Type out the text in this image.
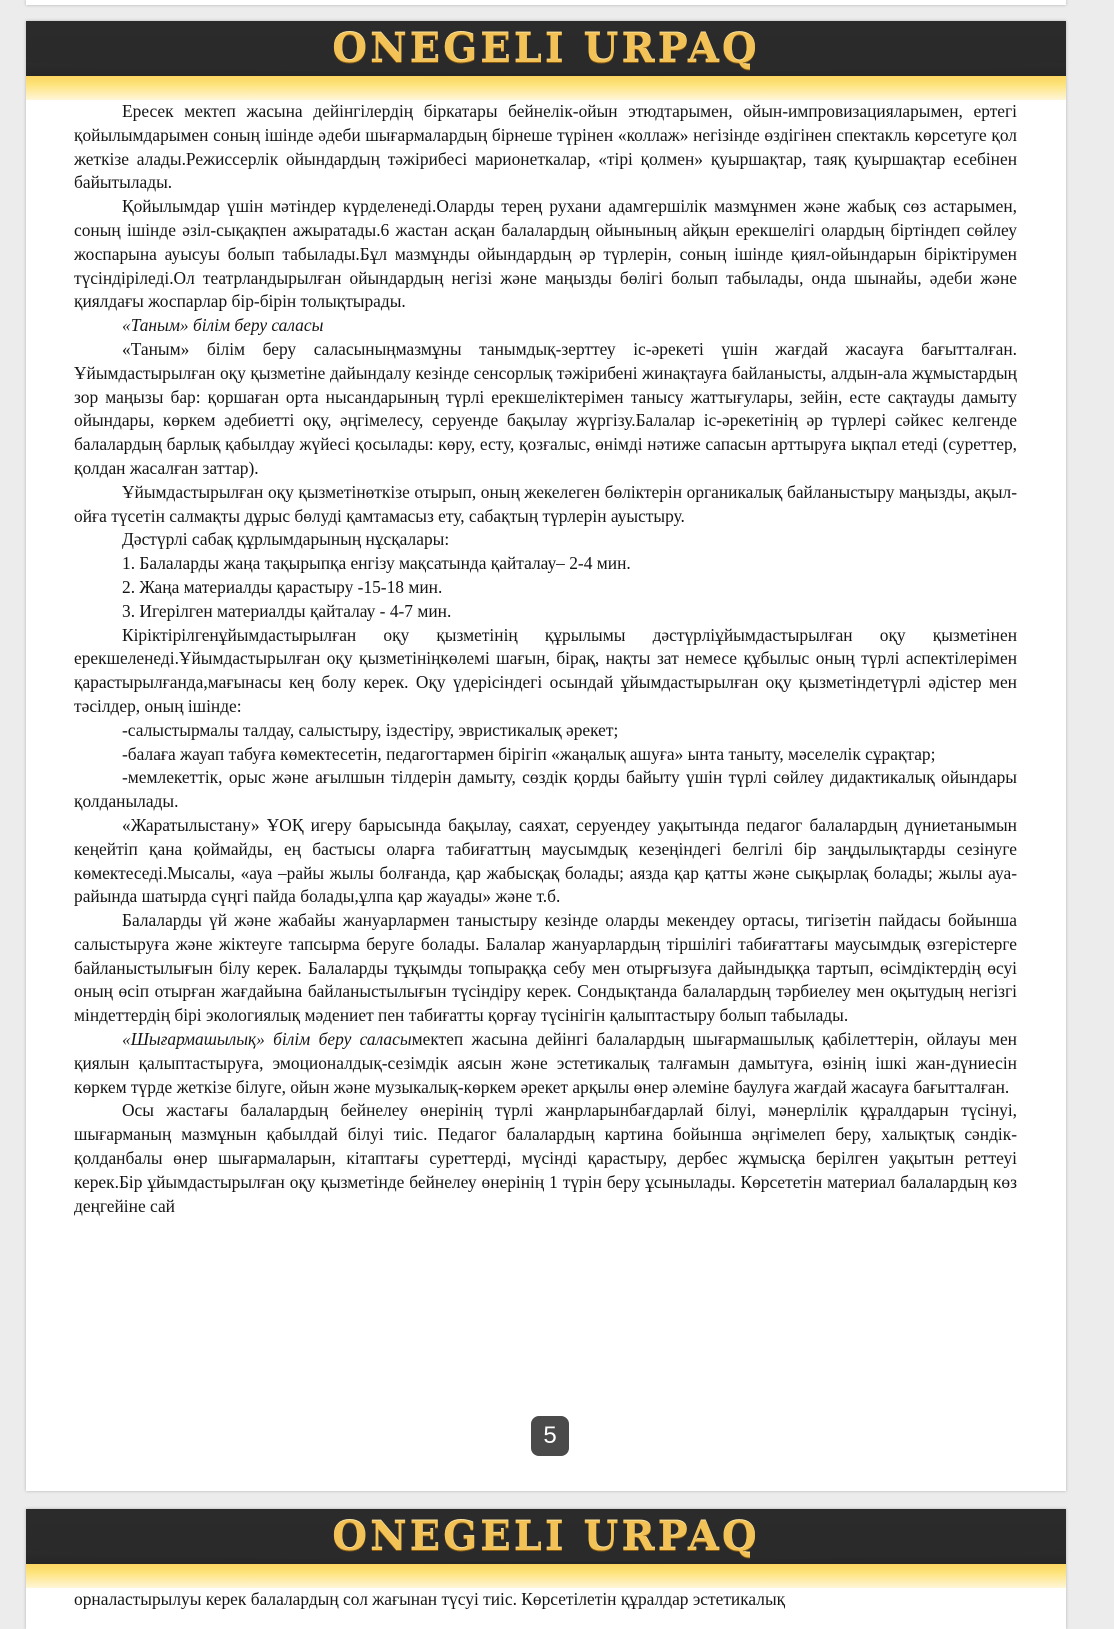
ONEGELI URPAQ

Ересек мектеп жасына дейінгілердің біркатары бейнелік-ойын этюдтарымен, ойын-импровизацияларымен, ертегі қойылымдарымен соның ішінде әдеби шығармалардың бірнеше түрінен «коллаж» негізінде өздігінен спектакль көрсетуге қол жеткізе алады.Режиссерлік ойындардың тәжірибесі марионеткалар, «тірі қолмен» қуыршақтар, таяқ қуыршақтар есебінен байытылады.

Қойылымдар үшін мәтіндер күрделенеді.Оларды терең рухани адамгершілік мазмұнмен және жабық сөз астарымен, соның ішінде әзіл-сықақпен ажыратады.6 жастан асқан балалардың ойынының айқын ерекшелігі олардың біртіндеп сөйлеу жоспарына ауысуы болып табылады.Бұл мазмұнды ойындардың әр түрлерін, соның ішінде қиял-ойындарын біріктірумен түсіндіріледі.Ол театрландырылған ойындардың негізі және маңызды бөлігі болып табылады, онда шынайы, әдеби және қиялдағы жоспарлар бір-бірін толықтырады.

«Таным» білім беру саласы

«Таным» білім беру саласыныңмазмұны танымдық-зерттеу іс-әрекеті үшін жағдай жасауға бағытталған. Ұйымдастырылған оқу қызметіне дайындалу кезінде сенсорлық тәжірибені жинақтауға байланысты, алдын-ала жұмыстардың зор маңызы бар: қоршаған орта нысандарының түрлі ерекшеліктерімен танысу жаттығулары, зейін, есте сақтауды дамыту ойындары, көркем әдебиетті оқу, әңгімелесу, серуенде бақылау жүргізу.Балалар іс-әрекетінің әр түрлері сәйкес келгенде балалардың барлық қабылдау жүйесі қосылады: көру, есту, қозғалыс, өнімді нәтиже сапасын арттыруға ықпал етеді (суреттер, қолдан жасалған заттар).

Ұйымдастырылған оқу қызметінөткізе отырып, оның жекелеген бөліктерін органикалық байланыстыру маңызды, ақыл-ойға түсетін салмақты дұрыс бөлуді қамтамасыз ету, сабақтың түрлерін ауыстыру.

Дәстүрлі сабақ құрлымдарының нұсқалары:

1. Балаларды жаңа тақырыпқа енгізу мақсатында қайталау– 2-4 мин.

2. Жаңа материалды қарастыру -15-18 мин.

3. Игерілген материалды қайталау - 4-7 мин.

Кіріктірілгенұйымдастырылған оқу қызметінің құрылымы дәстүрліұйымдастырылған оқу қызметінен ерекшеленеді.Ұйымдастырылған оқу қызметініңкөлемі шағын, бірақ, нақты зат немесе құбылыс оның түрлі аспектілерімен қарастырылғанда,мағынасы кең болу керек. Оқу үдерісіндегі осындай ұйымдастырылған оқу қызметіндетүрлі әдістер мен тәсілдер, оның ішінде:

-салыстырмалы талдау, салыстыру, іздестіру, эвристикалық әрекет;

-балаға жауап табуға көмектесетін, педагогтармен бірігіп «жаңалық ашуға» ынта таныту, мәселелік сұрақтар;

-мемлекеттік, орыс және ағылшын тілдерін дамыту, сөздік қорды байыту үшін түрлі сөйлеу дидактикалық ойындары қолданылады.

«Жаратылыстану» ҰОҚ игеру барысында бақылау, саяхат, серуендеу уақытында педагог балалардың дүниетанымын кеңейтіп қана қоймайды, ең бастысы оларға табиғаттың маусымдық кезеңіндегі белгілі бір заңдылықтарды сезінуге көмектеседі.Мысалы, «ауа –райы жылы болғанда, қар жабысқақ болады; аязда қар қатты және сықырлақ болады; жылы ауа-райында шатырда сүңгі пайда болады,ұлпа қар жауады» және т.б.

Балаларды үй және жабайы жануарлармен таныстыру кезінде оларды мекендеу ортасы, тигізетін пайдасы бойынша салыстыруға және жіктеуге тапсырма беруге болады. Балалар жануарлардың тіршілігі табиғаттағы маусымдық өзгерістерге байланыстылығын білу керек. Балаларды тұқымды топыраққа себу мен отырғызуға дайындыққа тартып, өсімдіктердің өсуі оның өсіп отырған жағдайына байланыстылығын түсіндіру керек. Сондықтанда балалардың тәрбиелеу мен оқытудың негізгі міндеттердің бірі экологиялық мәдениет пен табиғатты қорғау түсінігін қалыптастыру болып табылады.

«Шығармашылық» білім беру саласымектеп жасына дейінгі балалардың шығармашылық қабілеттерін, ойлауы мен қиялын қалыптастыруға, эмоционалдық-сезімдік аясын және эстетикалық талғамын дамытуға, өзінің ішкі жан-дүниесін көркем түрде жеткізе білуге, ойын және музыкалық-көркем әрекет арқылы өнер әлеміне баулуға жағдай жасауға бағытталған.

Осы жастағы балалардың бейнелеу өнерінің түрлі жанрларынбағдарлай білуі, мәнерлілік құралдарын түсінуі, шығарманың мазмұнын қабылдай білуі тиіс. Педагог балалардың картина бойынша әңгімелеп беру, халықтық сәндік-қолданбалы өнер шығармаларын, кітаптағы суреттерді, мүсінді қарастыру, дербес жұмысқа берілген уақытын реттеуі керек.Бір ұйымдастырылған оқу қызметінде бейнелеу өнерінің 1 түрін беру ұсынылады. Көрсететін материал балалардың көз деңгейіне сай

5
ONEGELI URPAQ
орналастырылуы керек балалардың сол жағынан түсуі тиіс. Көрсетілетін құралдар эстетикалық
